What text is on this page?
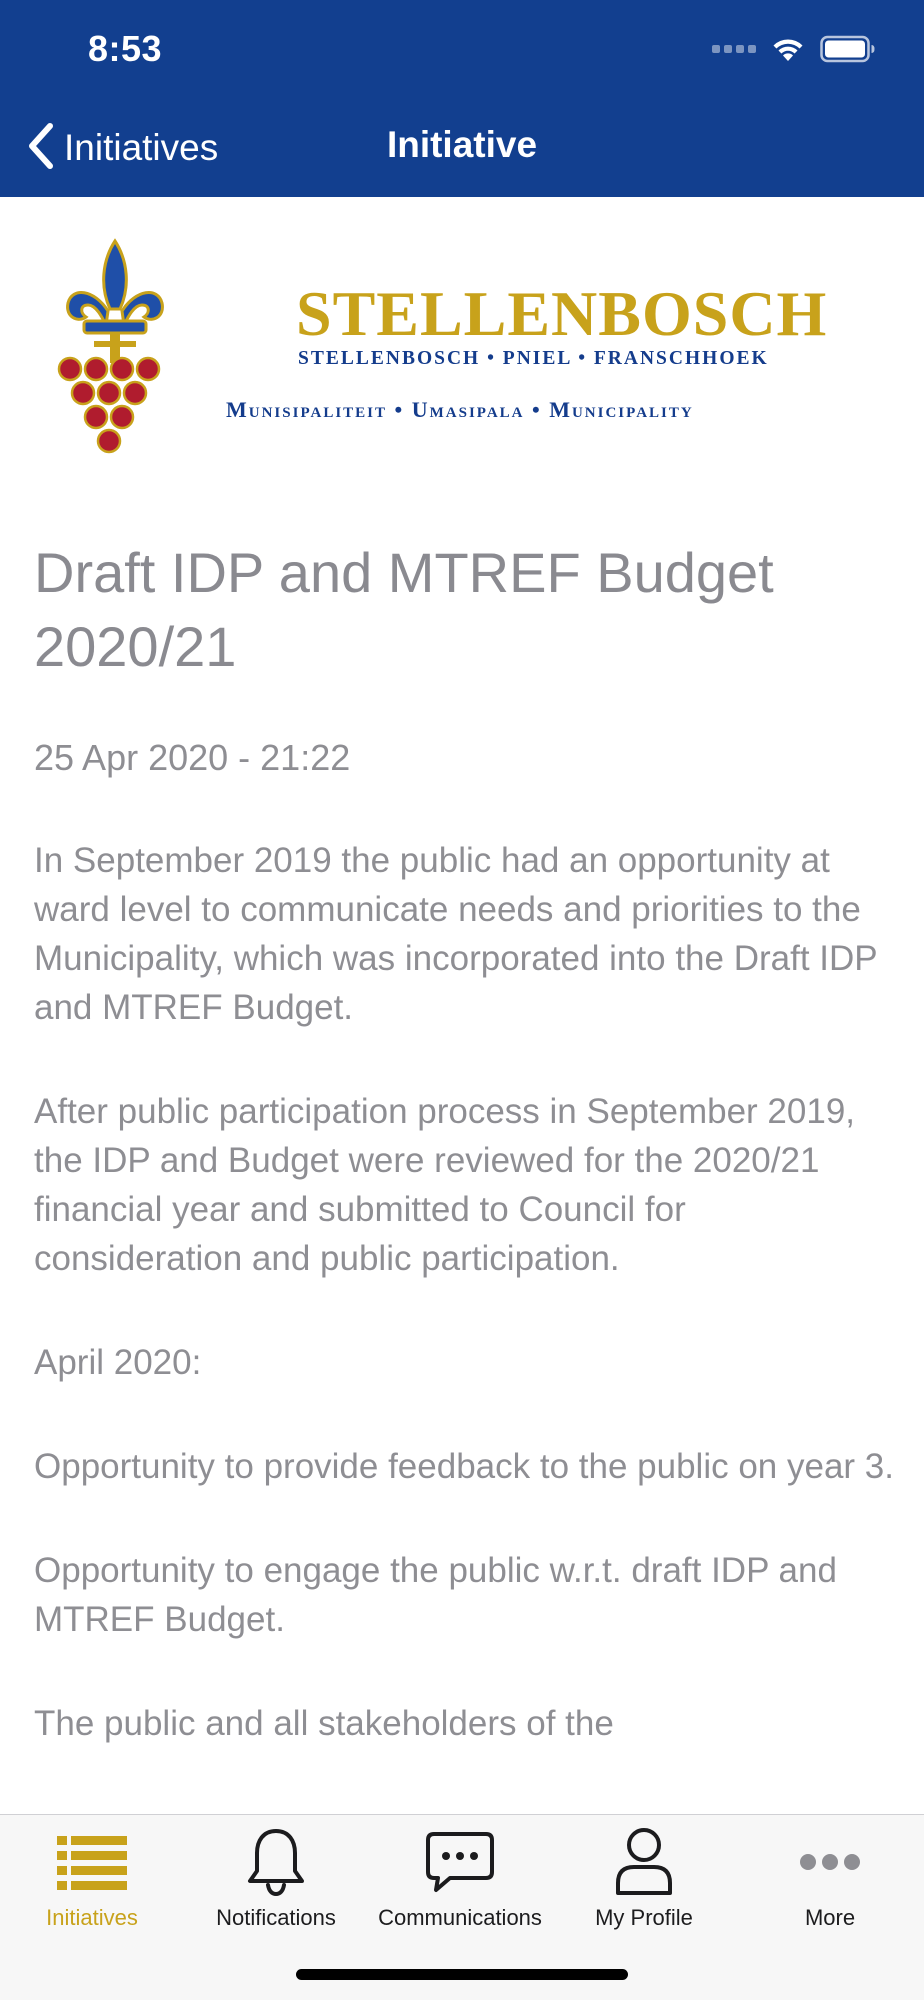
8:53
Initiatives	Initiative
STELLENBOSCH
STELLENBOSCH • PNIEL • FRANSCHHOEK
Munisipaliteit • Umasipala • Municipality
Draft IDP and MTREF Budget 2020/21
25 Apr 2020 - 21:22

In September 2019 the public had an opportunity at ward level to communicate needs and priorities to the Municipality, which was incorporated into the Draft IDP and MTREF Budget.

After public participation process in September 2019, the IDP and Budget were reviewed for the 2020/21 financial year and submitted to Council for consideration and public participation.

April 2020:

Opportunity to provide feedback to the public on year 3.

Opportunity to engage the public w.r.t. draft IDP and MTREF Budget.

The public and all stakeholders of the

Initiatives	Notifications Communications My Profile	More
